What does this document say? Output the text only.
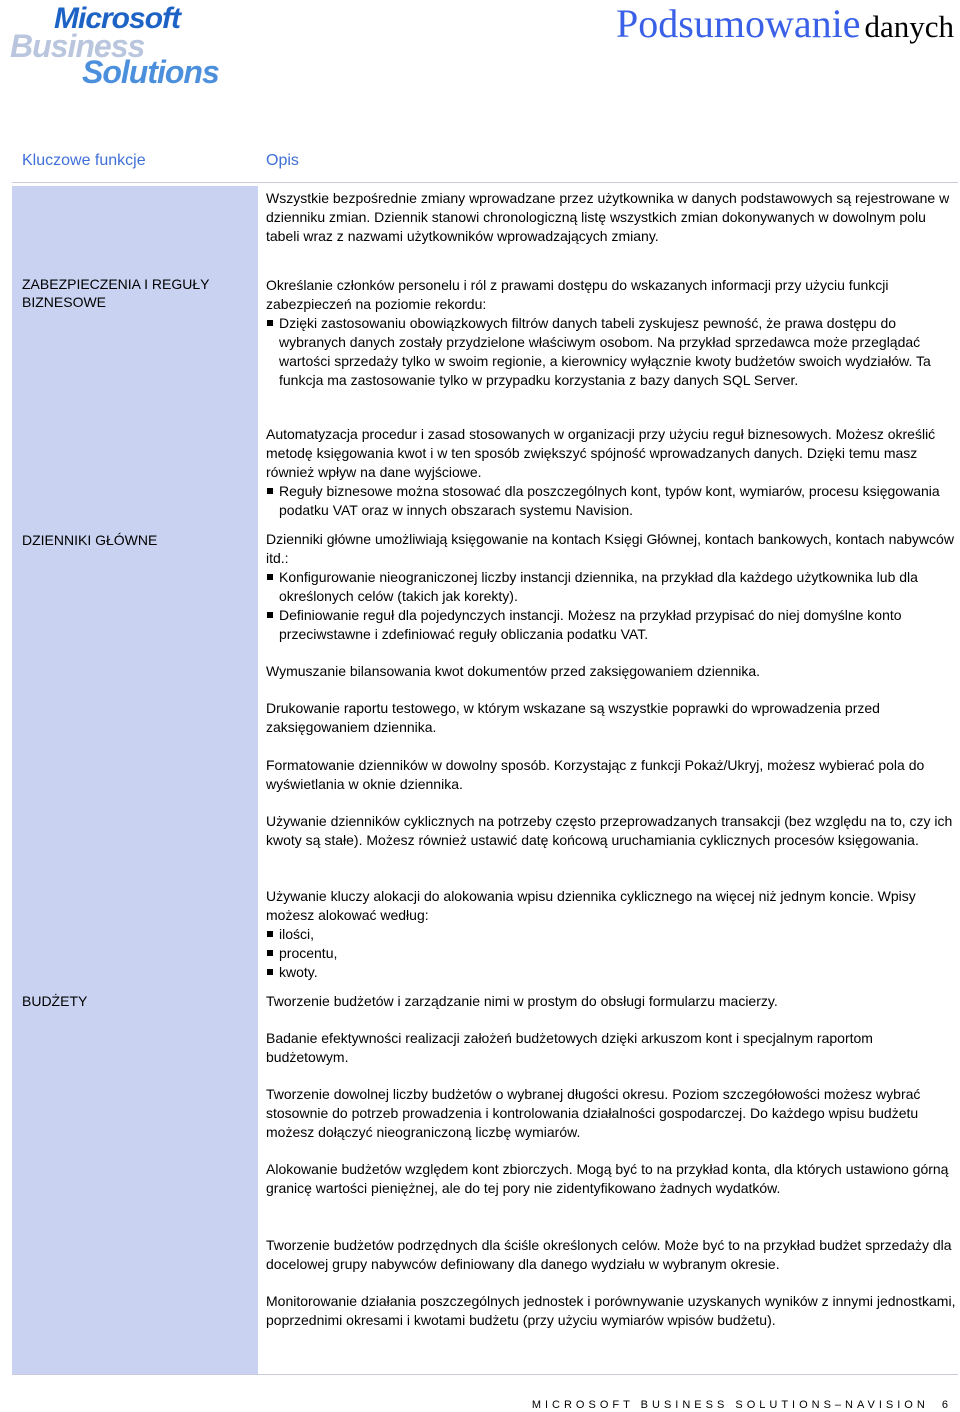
Microsoft
Business
Solutions
Podsumowanie danych
Kluczowe funkcje	Opis
ZABEZPIECZENIA I REGUŁY BIZNESOWE
DZIENNIKI GŁÓWNE
BUDŻETY

Wszystkie bezpośrednie zmiany wprowadzane przez użytkownika w danych podstawowych są rejestrowane w dzienniku zmian. Dziennik stanowi chronologiczną listę wszystkich zmian dokonywanych w dowolnym polu tabeli wraz z nazwami użytkowników wprowadzających zmiany.

Określanie członków personelu i ról z prawami dostępu do wskazanych informacji przy użyciu funkcji zabezpieczeń na poziomie rekordu:

Dzięki zastosowaniu obowiązkowych filtrów danych tabeli zyskujesz pewność, że prawa dostępu do wybranych danych zostały przydzielone właściwym osobom. Na przykład sprzedawca może przeglądać wartości sprzedaży tylko w swoim regionie, a kierownicy wyłącznie kwoty budżetów swoich wydziałów. Ta funkcja ma zastosowanie tylko w przypadku korzystania z bazy danych SQL Server.

Automatyzacja procedur i zasad stosowanych w organizacji przy użyciu reguł biznesowych. Możesz określić metodę księgowania kwot i w ten sposób zwiększyć spójność wprowadzanych danych. Dzięki temu masz również wpływ na dane wyjściowe.

Reguły biznesowe można stosować dla poszczególnych kont, typów kont, wymiarów, procesu księgowania podatku VAT oraz w innych obszarach systemu Navision.

Dzienniki główne umożliwiają księgowanie na kontach Księgi Głównej, kontach bankowych, kontach nabywców itd.:

Konfigurowanie nieograniczonej liczby instancji dziennika, na przykład dla każdego użytkownika lub dla określonych celów (takich jak korekty).
Definiowanie reguł dla pojedynczych instancji. Możesz na przykład przypisać do niej domyślne konto przeciwstawne i zdefiniować reguły obliczania podatku VAT.

Wymuszanie bilansowania kwot dokumentów przed zaksięgowaniem dziennika.

Drukowanie raportu testowego, w którym wskazane są wszystkie poprawki do wprowadzenia przed zaksięgowaniem dziennika.

Formatowanie dzienników w dowolny sposób. Korzystając z funkcji Pokaż/Ukryj, możesz wybierać pola do wyświetlania w oknie dziennika.

Używanie dzienników cyklicznych na potrzeby często przeprowadzanych transakcji (bez względu na to, czy ich kwoty są stałe). Możesz również ustawić datę końcową uruchamiania cyklicznych procesów księgowania.

Używanie kluczy alokacji do alokowania wpisu dziennika cyklicznego na więcej niż jednym koncie. Wpisy możesz alokować według:

ilości,
procentu,
kwoty.

Tworzenie budżetów i zarządzanie nimi w prostym do obsługi formularzu macierzy.

Badanie efektywności realizacji założeń budżetowych dzięki arkuszom kont i specjalnym raportom budżetowym.

Tworzenie dowolnej liczby budżetów o wybranej długości okresu. Poziom szczegółowości możesz wybrać stosownie do potrzeb prowadzenia i kontrolowania działalności gospodarczej. Do każdego wpisu budżetu możesz dołączyć nieograniczoną liczbę wymiarów.

Alokowanie budżetów względem kont zbiorczych. Mogą być to na przykład konta, dla których ustawiono górną granicę wartości pieniężnej, ale do tej pory nie zidentyfikowano żadnych wydatków.

Tworzenie budżetów podrzędnych dla ściśle określonych celów. Może być to na przykład budżet sprzedaży dla docelowej grupy nabywców definiowany dla danego wydziału w wybranym okresie.

Monitorowanie działania poszczególnych jednostek i porównywanie uzyskanych wyników z innymi jednostkami, poprzednimi okresami i kwotami budżetu (przy użyciu wymiarów wpisów budżetu).

MICROSOFT BUSINESS SOLUTIONS–NAVISION 6
